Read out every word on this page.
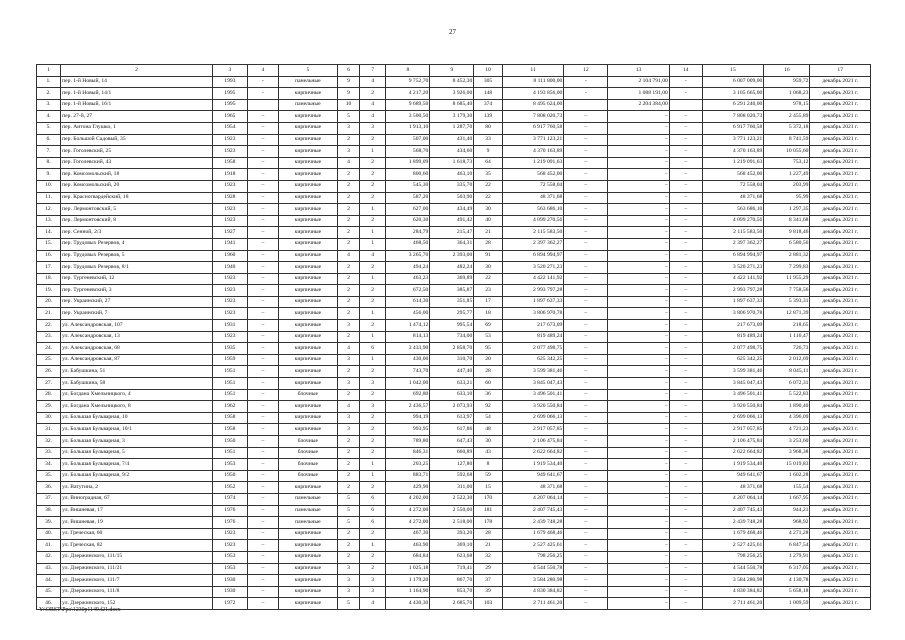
27
1	2	3	4	5	6	7	8	9	10	11	12	13	14	15	16	17
1.	пер. 1-й Новый, 14	1993	-	панельные	9	4	9 752,70	8 452,30	305	8 111 800,00	-	2 104 791,00	-	6 007 009,00	959,72	декабрь 2021 г.
2.	пер. 1-й Новый, 14/1	1995	-	кирпичные	9	2	4 217,20	3 926,00	148	4 193 856,00	-	1 088 191,00	-	3 105 665,00	1 068,23	декабрь 2021 г.
3.	пер. 1-й Новый, 16/1	1995		панельные	10	4	9 689,50	8 685,40	374	8 495 624,00		2 204 384,00		6 291 240,00	978,15	декабрь 2021 г.
4.	пер. 27-й, 27	1965	–	кирпичные	5	4	3 500,50	3 179,30	139	7 808 020,73	–	–	–	7 808 020,73	2 455,89	декабрь 2021 г.
5.	пер. Антона Глушко, 1	1954	–	кирпичные	3	3	1 913,10	1 287,70	80	6 917 760,58	–	–	–	6 917 760,58	5 372,18	декабрь 2021 г.
6.	пер. Большой Садовый, 35	1923	–	кирпичные	2	2	507,00	431,40	33	3 771 123,21	–	–	–	3 771 123,21	8 741,59	декабрь 2021 г.
7.	пер. Гоголевский, 25	1923	–	кирпичные	3	1	568,70	434,60	9	4 370 163,89	–	–	–	4 370 163,89	10 055,60	декабрь 2021 г.
8.	пер. Гоголевский, 43	1958	–	кирпичные	4	2	1 899,09	1 618,73	64	1 219 091,63	–	–	–	1 219 091,63	753,12	декабрь 2021 г.
9.	пер. Комсомольский, 18	1918	–	кирпичные	2	2	800,60	463,10	35	568 452,00	–	–	–	568 452,00	1 227,49	декабрь 2021 г.
10.	пер. Комсомольский, 20	1923	–	кирпичные	2	2	545,30	335,70	22	72 558,04	–	–	–	72 558,04	203,99	декабрь 2021 г.
11.	пер. Красногвардейский, 18	1928	–	кирпичные	2	2	587,20	503,90	22	48 371,68	–	–	–	48 371,68	95,99	декабрь 2021 г.
12.	пер. Лермонтовский, 5	1923	–	кирпичные	2	1	627,00	434,49	30	563 686,10	–	–	–	563 686,10	1 297,35	декабрь 2021 г.
13.	пер. Лермонтовский, 8	1923	–	кирпичные	2	2	620,30	491,42	40	4 099 270,56	–	–	–	4 099 270,56	8 341,68	декабрь 2021 г.
14.	пер. Сенной, 2/3	1927	–	кирпичные	2	1	284,79	215,47	21	2 115 583,50	–	–	–	2 115 583,50	9 818,46	декабрь 2021 г.
15.	пер. Трудовых Резервов, 4	1941	–	кирпичные	2	1	468,50	364,31	28	2 397 362,27	–	–	–	2 397 362,27	6 580,56	декабрь 2021 г.
16.	пер. Трудовых Резервов, 5	1960	–	кирпичные	4	4	3 265,70	2 393,00	91	6 894 994,97	–	–	–	6 894 994,97	2 881,32	декабрь 2021 г.
17.	пер. Трудовых Резервов, 8/1	1940	–	кирпичные	2	2	494,24	482,24	30	3 520 271,23	–	–	–	3 520 271,23	7 299,83	декабрь 2021 г.
18.	пер. Тургеневский, 12	1923	–	кирпичные	2	1	463,23	369,89	22	4 422 141,92	–	–	–	4 422 141,92	11 955,29	декабрь 2021 г.
19.	пер. Тургеневский, 3	1923	–	кирпичные	2	2	672,50	385,87	23	2 993 797,28	–	–	–	2 993 797,28	7 758,56	декабрь 2021 г.
20.	пер. Украинский, 27	1923	–	кирпичные	2	2	614,30	351,85	17	1 897 637,33	–	–	–	1 897 637,33	5 393,31	декабрь 2021 г.
21.	пер. Украинский, 7	1923	–	кирпичные	2	1	456,00	295,77	18	3 806 970,78	–	–	–	3 806 970,78	12 871,39	декабрь 2021 г.
22.	ул. Александровская, 107	1931	–	кирпичные	3	2	1 474,12	995,54	69	217 673,09	–	–	–	217 673,09	218,65	декабрь 2021 г.
23.	ул. Александровская, 13	1923	–	кирпичные	2	1	814,13	734,00	53	819 489,24	–	–	–	819 489,24	1 116,47	декабрь 2021 г.
24.	ул. Александровская, 68	1935	–	кирпичные	4	6	3 433,90	2 858,70	95	2 077 498,75	–	–	–	2 077 498,75	726,73	декабрь 2021 г.
25.	ул. Александровская, 87	1959	–	кирпичные	3	1	430,00	310,70	20	625 342,25	–	–	–	625 342,25	2 012,69	декабрь 2021 г.
26.	ул. Бабушкина, 51	1951	–	кирпичные	2	2	743,70	447,40	28	3 599 381,46	–	–	–	3 599 381,46	8 045,11	декабрь 2021 г.
27.	ул. Бабушкина, 58	1951	–	кирпичные	3	3	1 042,00	633,21	60	3 845 047,43	–	–	–	3 845 047,43	6 072,31	декабрь 2021 г.
28.	ул. Богдана Хмельницкого, 4	1951	–	блочные	2	2	692,80	633,10	36	3 496 501,41	–	–	–	3 496 501,41	5 522,83	декабрь 2021 г.
29.	ул. Богдана Хмельницкого, 8	1962	–	кирпичные	4	3	2 436,57	2 073,93	92	3 920 550,84	–	–	–	3 920 550,84	1 890,40	декабрь 2021 г.
30.	ул. Большая Бульварная, 10	1958	–	кирпичные	3	2	994,19	613,97	54	2 699 066,13	–	–	–	2 699 066,13	4 396,09	декабрь 2021 г.
31.	ул. Большая Бульварная, 10/1	1958	–	кирпичные	3	2	993,95	617,86	48	2 917 057,85	–	–	–	2 917 057,85	4 721,23	декабрь 2021 г.
32.	ул. Большая Бульварная, 3	1950	–	блочные	2	2	789,80	647,43	30	2 106 475,84	–	–	–	2 106 475,84	3 253,60	декабрь 2021 г.
33.	ул. Большая Бульварная, 5	1951	–	блочные	2	2	846,31	660,89	43	2 622 664,82	–	–	–	2 622 664,82	3 968,38	декабрь 2021 г.
34.	ул. Большая Бульварная, 7/4	1953	–	блочные	2	1	203,25	127,80	8	1 919 534,40	–	–	–	1 919 534,40	15 019,83	декабрь 2021 г.
35.	ул. Большая Бульварная, 9/2	1950	–	блочные	2	1	883,71	592,68	59	949 641,67	–	–	–	949 641,67	1 602,28	декабрь 2021 г.
36.	ул. Ватутина, 2	1952	–	кирпичные	2	2	429,90	311,00	15	48 371,68	–	–	–	48 371,68	155,54	декабрь 2021 г.
37.	ул. Виноградная, 67	1974	–	панельные	5	6	4 202,00	2 522,30	170	4 207 064,14	–	–	–	4 207 064,14	1 667,95	декабрь 2021 г.
38.	ул. Вишневая, 17	1976	–	панельные	5	6	4 272,00	2 550,00	181	2 407 745,43	–	–	–	2 407 745,43	944,21	декабрь 2021 г.
39.	ул. Вишневая, 19	1976	–	панельные	5	6	4 272,00	2 518,00	178	2 439 748,28	–	–	–	2 439 748,28	968,92	декабрь 2021 г.
40.	ул. Греческая, 60	1923	–	кирпичные	2	2	467,30	393,20	28	1 679 468,46	–	–	–	1 679 468,46	4 271,28	декабрь 2021 г.
41.	ул. Греческая, 82	1923	–	кирпичные	2	1	463,90	369,10	21	2 527 425,61	–	–	–	2 527 425,61	6 847,54	декабрь 2021 г.
42.	ул. Дзержинского, 111/15	1953	–	кирпичные	2	2	684,84	623,68	32	798 256,25	–	–	–	798 256,25	1 279,91	декабрь 2021 г.
43.	ул. Дзержинского, 111/21	1953	–	кирпичные	3	2	1 025,18	719,41	29	4 544 550,78	–	–	–	4 544 550,78	6 317,05	декабрь 2021 г.
44.	ул. Дзержинского, 111/7	1930	–	кирпичные	3	3	1 179,20	867,70	37	3 584 280,98	–	–	–	3 584 280,98	4 130,78	декабрь 2021 г.
45.	ул. Дзержинского, 111/8	1930	–	кирпичные	3	3	1 164,90	853,70	39	4 830 384,82	–	–	–	4 830 384,82	5 658,18	декабрь 2021 г.
46.	ул. Дзержинского, 152	1972	–	кирпичные	5	4	4 430,30	2 685,70	103	2 711 461,20	–	–	–	2 711 461,20	1 009,59	декабрь 2021 г.
Y:\ORST\Ppo\1230p1149.f21.docx
